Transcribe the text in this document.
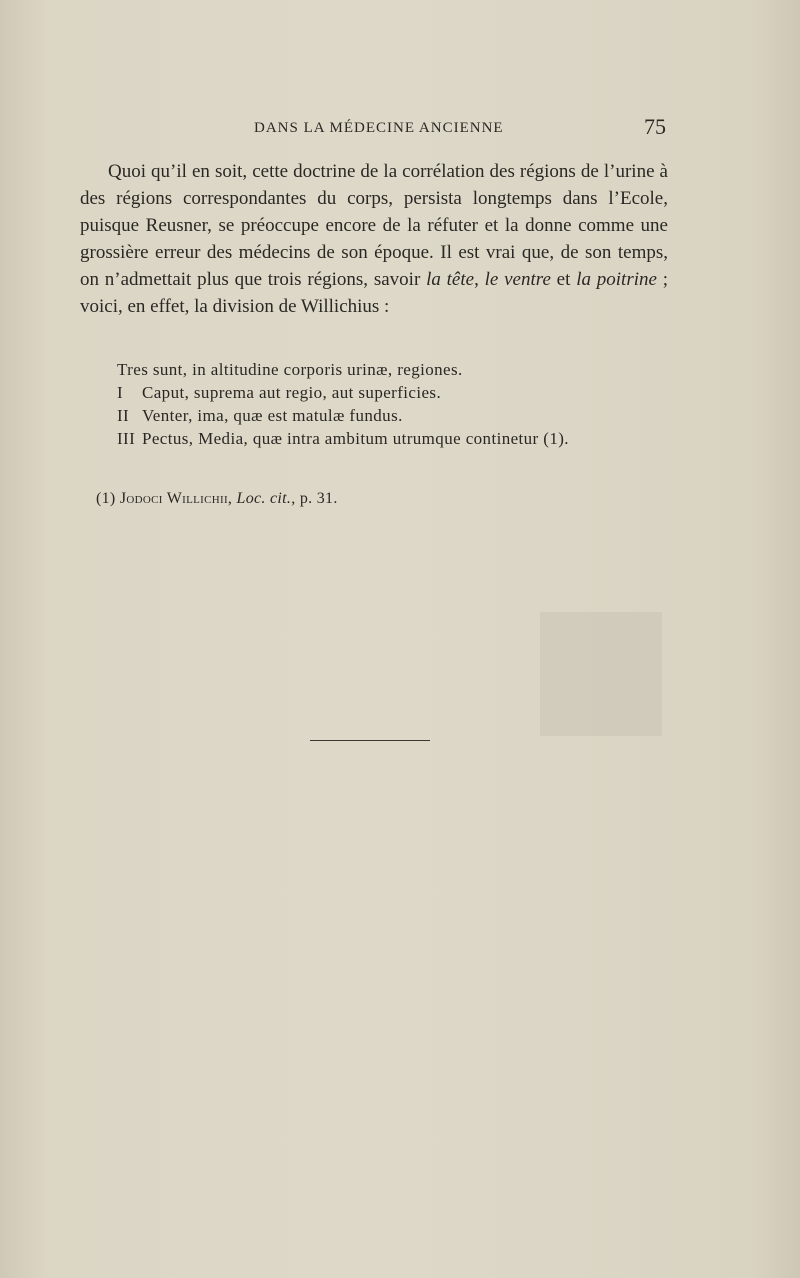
DANS LA MÉDECINE ANCIENNE	75

Quoi qu’il en soit, cette doctrine de la corrélation des régions de l’urine à des régions correspondantes du corps, persista longtemps dans l’Ecole, puisque Reusner, se préoccupe encore de la réfuter et la donne comme une grossière erreur des médecins de son époque. Il est vrai que, de son temps, on n’admettait plus que trois régions, savoir la tête, le ventre et la poitrine ; voici, en effet, la division de Willichius :

Tres sunt, in altitudine corporis urinæ, regiones.
I Caput, suprema aut regio, aut superficies.
II Venter, ima, quæ est matulæ fundus.
III Pectus, Media, quæ intra ambitum utrumque continetur (1).
(1) Jodoci Willichii, Loc. cit., p. 31.
